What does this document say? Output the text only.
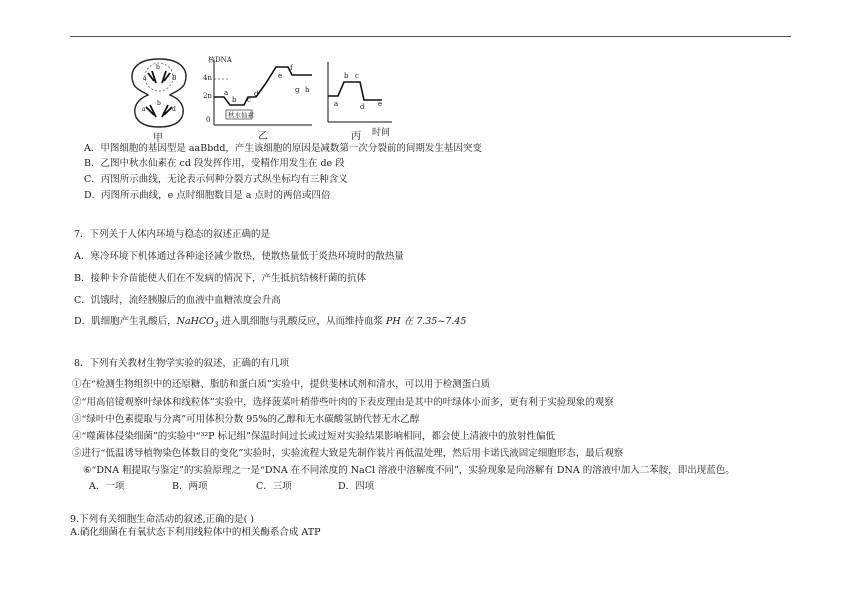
a	B
b
a	d
b
甲
核DNA
4n
2n
0
a
b c
d
e
f
g h
秋水仙素
乙
a
b c
d e
丙 时间
A．甲图细胞的基因型是 aaBbdd，产生该细胞的原因是减数第一次分裂前的间期发生基因突变
B．乙图中秋水仙素在 cd 段发挥作用，受精作用发生在 de 段
C．丙图所示曲线，无论表示何种分裂方式纵坐标均有三种含义
D．丙图所示曲线，e 点时细胞数目是 a 点时的两倍或四倍
7．下列关于人体内环境与稳态的叙述正确的是
A．寒冷环境下机体通过各种途径减少散热，使散热量低于炎热环境时的散热量
B．接种卡介苗能使人们在不发病的情况下，产生抵抗结核杆菌的抗体
C．饥饿时，流经胰腺后的血液中血糖浓度会升高
D．肌细胞产生乳酸后，NaHCO$_3$ 进入肌细胞与乳酸反应，从而维持血浆 PH 在 7.35~7.45
8．下列有关教材生物学实验的叙述，正确的有几项
①在“检测生物组织中的还原糖、脂肪和蛋白质”实验中，提供斐林试剂和清水，可以用于检测蛋白质
②“用高倍镜观察叶绿体和线粒体”实验中，选择菠菜叶稍带些叶肉的下表皮理由是其中的叶绿体小而多，更有利于实验现象的观察
③“绿叶中色素提取与分离”可用体积分数 95%的乙醇和无水碳酸氢钠代替无水乙醇
④“噬菌体侵染细菌”的实验中“³²P 标记组”保温时间过长或过短对实验结果影响相同，都会使上清液中的放射性偏低
⑤进行“低温诱导植物染色体数目的变化”实验时，实验流程大致是先制作装片再低温处理，然后用卡诺氏液固定细胞形态，最后观察
⑥“DNA 粗提取与鉴定”的实验原理之一是“DNA 在不同浓度的 NaCl 溶液中溶解度不同”，实验现象是向溶解有 DNA 的溶液中加入二苯胺，即出现蓝色。
A．一项	B．两项	C．三项	D．四项
9.下列有关细胞生命活动的叙述,正确的是( )
A.硝化细菌在有氧状态下利用线粒体中的相关酶系合成 ATP
